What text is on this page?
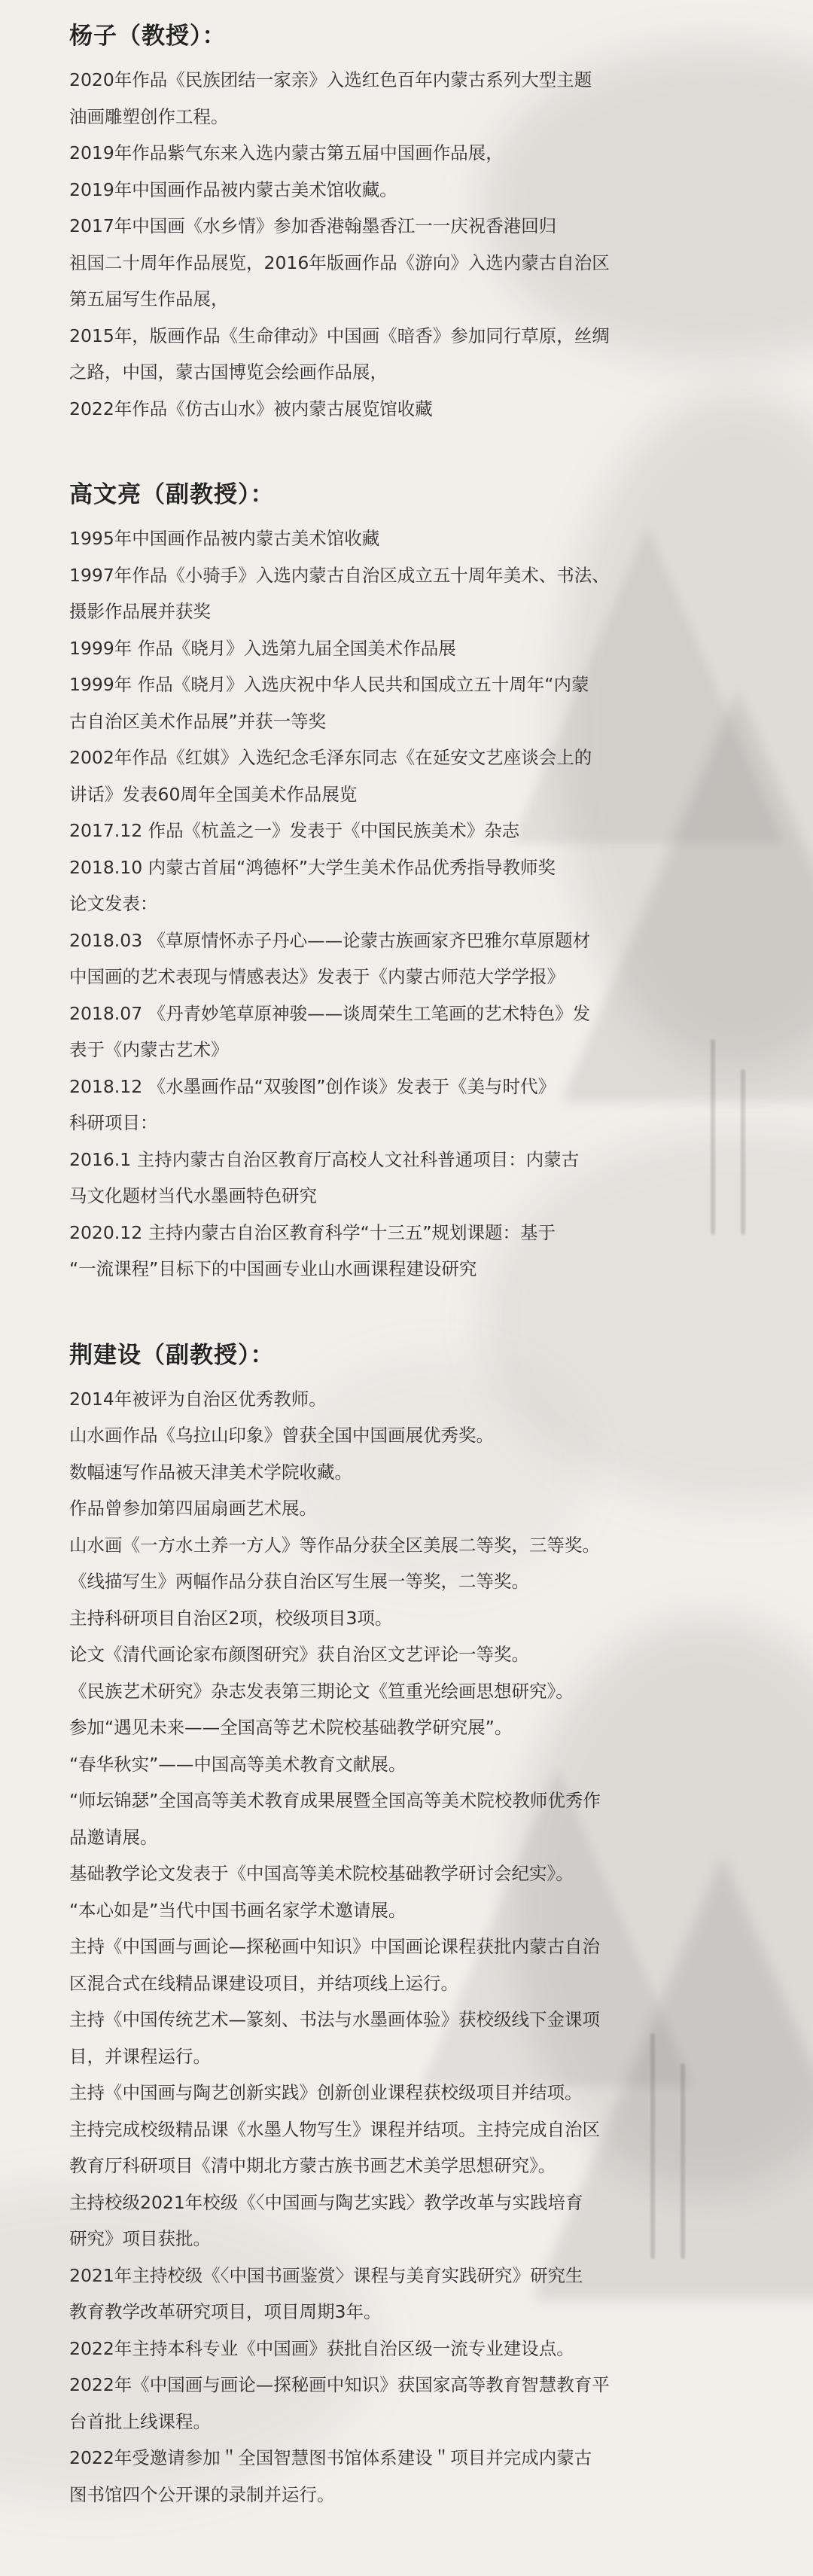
杨子（教授）：
2020年作品《民族团结一家亲》入选红色百年内蒙古系列大型主题
油画雕塑创作工程。
2019年作品紫气东来入选内蒙古第五届中国画作品展，
2019年中国画作品被内蒙古美术馆收藏。
2017年中国画《水乡情》参加香港翰墨香江一一庆祝香港回归
祖国二十周年作品展览，2016年版画作品《游向》入选内蒙古自治区
第五届写生作品展，
2015年，版画作品《生命律动》中国画《暗香》参加同行草原，丝绸
之路，中国，蒙古国博览会绘画作品展，
2022年作品《仿古山水》被内蒙古展览馆收藏
高文亮（副教授）：
1995年中国画作品被内蒙古美术馆收藏
1997年作品《小骑手》入选内蒙古自治区成立五十周年美术、书法、
摄影作品展并获奖
1999年 作品《晓月》入选第九届全国美术作品展
1999年 作品《晓月》入选庆祝中华人民共和国成立五十周年“内蒙
古自治区美术作品展”并获一等奖
2002年作品《红娸》入选纪念毛泽东同志《在延安文艺座谈会上的
讲话》发表60周年全国美术作品展览
2017.12 作品《杭盖之一》发表于《中国民族美术》杂志
2018.10 内蒙古首届“鸿德杯”大学生美术作品优秀指导教师奖
论文发表：
2018.03 《草原情怀赤子丹心——论蒙古族画家齐巴雅尔草原题材
中国画的艺术表现与情感表达》发表于《内蒙古师范大学学报》
2018.07 《丹青妙笔草原神骏——谈周荣生工笔画的艺术特色》发
表于《内蒙古艺术》
2018.12 《水墨画作品“双骏图”创作谈》发表于《美与时代》
科研项目：
2016.1 主持内蒙古自治区教育厅高校人文社科普通项目：内蒙古
马文化题材当代水墨画特色研究
2020.12 主持内蒙古自治区教育科学“十三五”规划课题：基于
“一流课程”目标下的中国画专业山水画课程建设研究
荆建设（副教授）：
2014年被评为自治区优秀教师。
山水画作品《乌拉山印象》曾获全国中国画展优秀奖。
数幅速写作品被天津美术学院收藏。
作品曾参加第四届扇画艺术展。
山水画《一方水土养一方人》等作品分获全区美展二等奖，三等奖。
《线描写生》两幅作品分获自治区写生展一等奖，二等奖。
主持科研项目自治区2项，校级项目3项。
论文《清代画论家布颜图研究》获自治区文艺评论一等奖。
《民族艺术研究》杂志发表第三期论文《笪重光绘画思想研究》。
参加“遇见未来——全国高等艺术院校基础教学研究展”。
“春华秋实”——中国高等美术教育文献展。
“师坛锦瑟”全国高等美术教育成果展暨全国高等美术院校教师优秀作
品邀请展。
基础教学论文发表于《中国高等美术院校基础教学研讨会纪实》。
“本心如是”当代中国书画名家学术邀请展。
主持《中国画与画论—探秘画中知识》中国画论课程获批内蒙古自治
区混合式在线精品课建设项目，并结项线上运行。
主持《中国传统艺术—篆刻、书法与水墨画体验》获校级线下金课项
目，并课程运行。
主持《中国画与陶艺创新实践》创新创业课程获校级项目并结项。
主持完成校级精品课《水墨人物写生》课程并结项。主持完成自治区
教育厅科研项目《清中期北方蒙古族书画艺术美学思想研究》。
主持校级2021年校级《〈中国画与陶艺实践〉教学改革与实践培育
研究》项目获批。
2021年主持校级《〈中国书画鉴赏〉课程与美育实践研究》研究生
教育教学改革研究项目，项目周期3年。
2022年主持本科专业《中国画》获批自治区级一流专业建设点。
2022年《中国画与画论—探秘画中知识》获国家高等教育智慧教育平
台首批上线课程。
2022年受邀请参加＂全国智慧图书馆体系建设＂项目并完成内蒙古
图书馆四个公开课的录制并运行。
